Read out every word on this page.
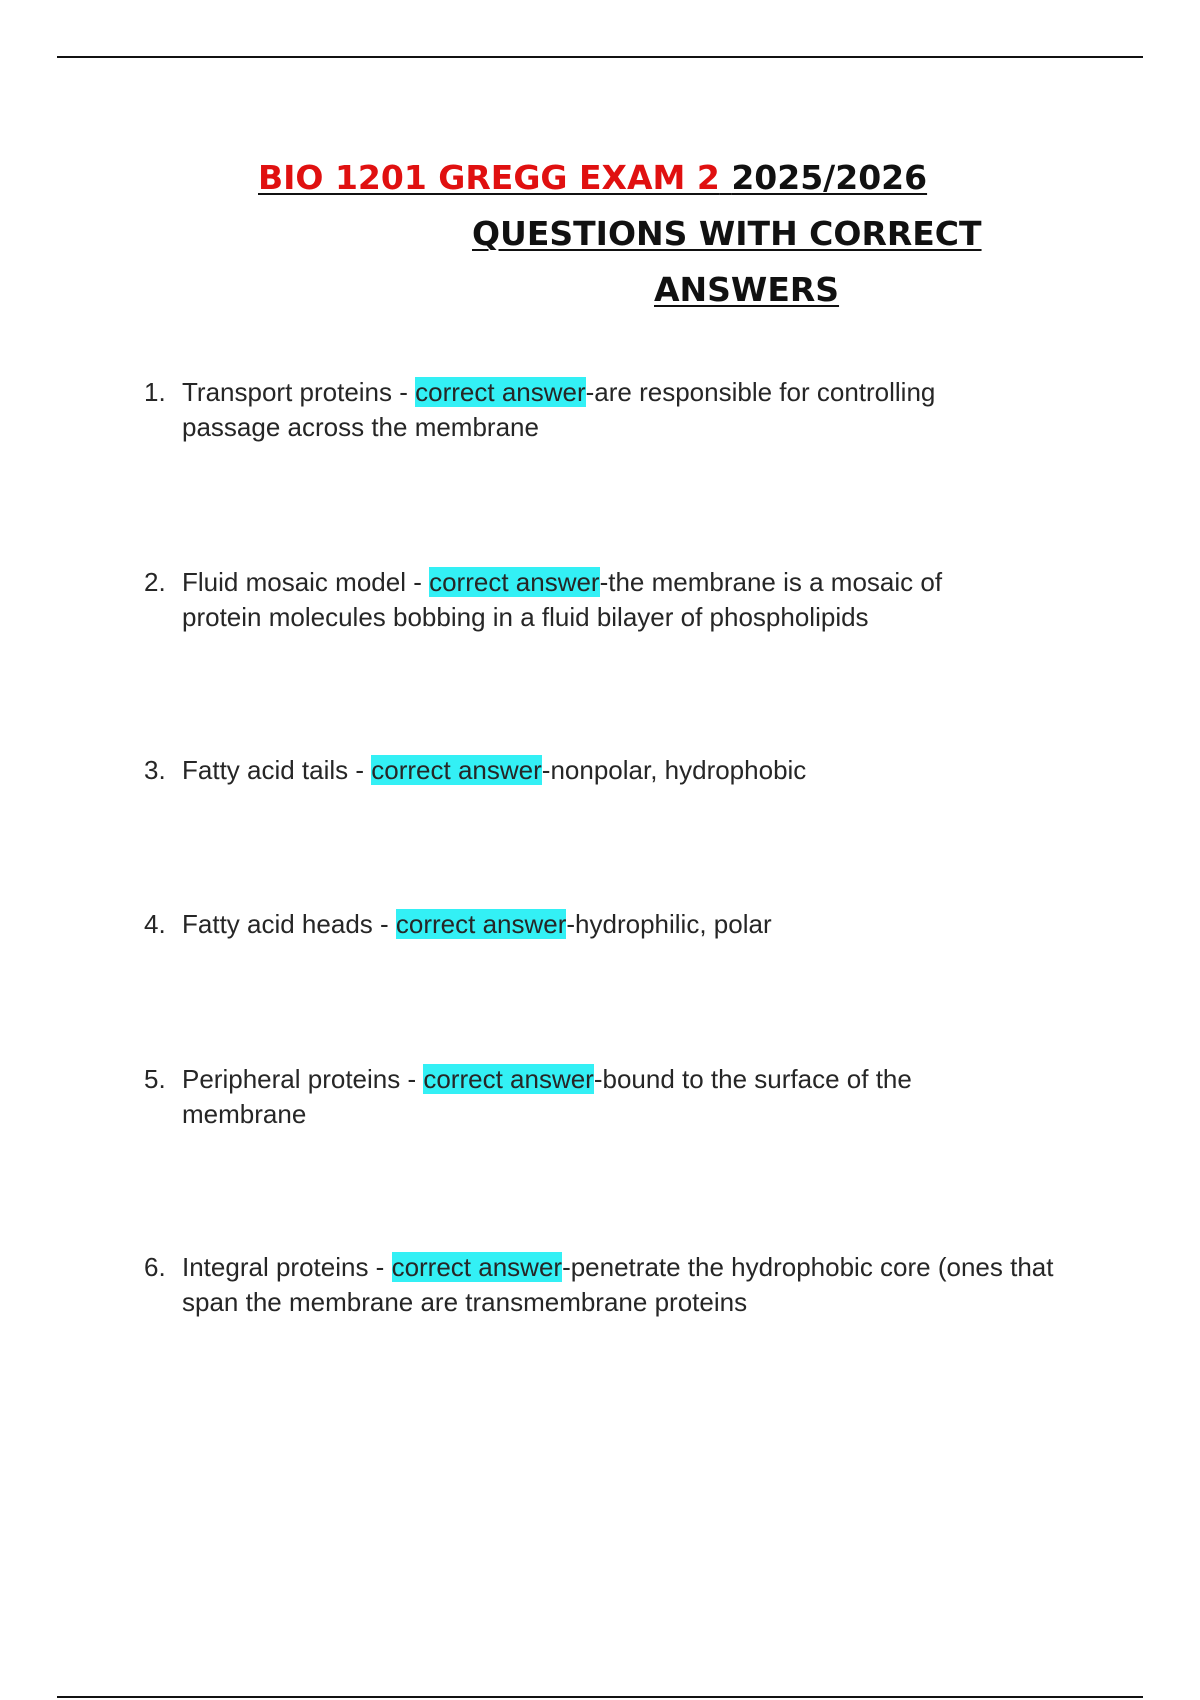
BIO 1201 GREGG EXAM 2 2025/2026
QUESTIONS WITH CORRECT
ANSWERS
1. Transport proteins - correct answer-are responsible for controlling passage across the membrane
2. Fluid mosaic model - correct answer-the membrane is a mosaic of protein molecules bobbing in a fluid bilayer of phospholipids
3. Fatty acid tails - correct answer-nonpolar, hydrophobic
4. Fatty acid heads - correct answer-hydrophilic, polar
5. Peripheral proteins - correct answer-bound to the surface of the membrane
6. Integral proteins - correct answer-penetrate the hydrophobic core (ones that span the membrane are transmembrane proteins
